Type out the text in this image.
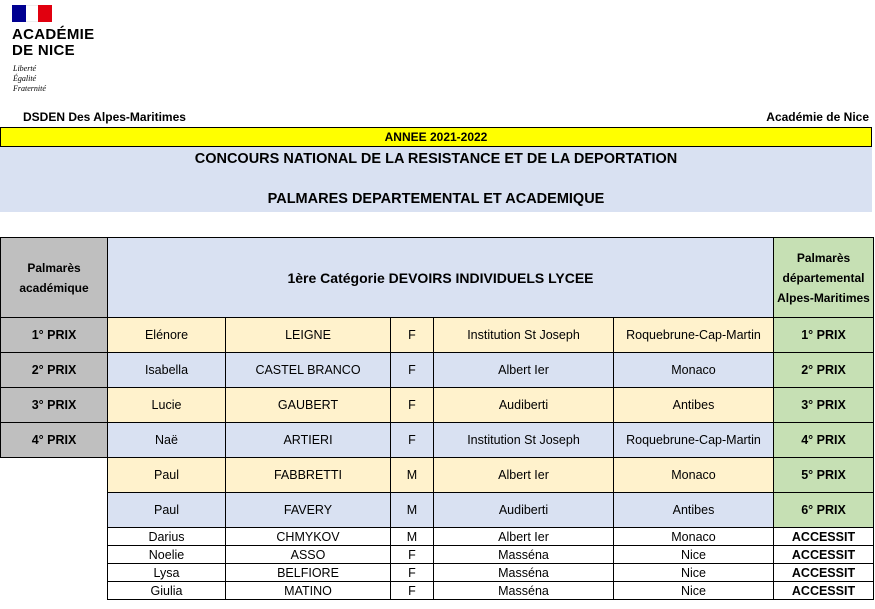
ACADÉMIE
DE NICE
Liberté
Égalité
Fraternité
DSDEN Des Alpes-Maritimes	Académie de Nice
ANNEE 2021-2022
CONCOURS NATIONAL DE LA RESISTANCE ET DE LA DEPORTATION
PALMARES DEPARTEMENTAL ET ACADEMIQUE
Palmarès académique	1ère Catégorie DEVOIRS INDIVIDUELS LYCEE					Palmarès départemental Alpes-Maritimes
1° PRIX	Elénore	LEIGNE	F	Institution St Joseph	Roquebrune-Cap-Martin	1° PRIX
2° PRIX	Isabella	CASTEL BRANCO	F	Albert Ier	Monaco	2° PRIX
3° PRIX	Lucie	GAUBERT	F	Audiberti	Antibes	3° PRIX
4° PRIX	Naë	ARTIERI	F	Institution St Joseph	Roquebrune-Cap-Martin	4° PRIX
	Paul	FABBRETTI	M	Albert Ier	Monaco	5° PRIX
	Paul	FAVERY	M	Audiberti	Antibes	6° PRIX
	Darius	CHMYKOV	M	Albert Ier	Monaco	ACCESSIT
	Noelie	ASSO	F	Masséna	Nice	ACCESSIT
	Lysa	BELFIORE	F	Masséna	Nice	ACCESSIT
	Giulia	MATINO	F	Masséna	Nice	ACCESSIT
